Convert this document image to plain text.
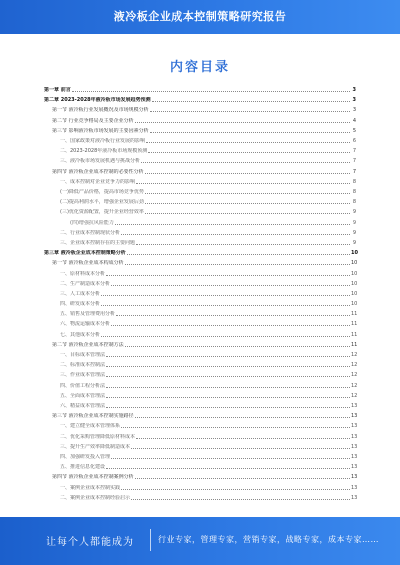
液冷板企业成本控制策略研究报告
内容目录
第一章 前言	3
第二章 2023-2028年液冷板市场发展趋势预测	3
第一节 液冷板行业发展概况及市场规模分析	3
第二节 行业竞争格局及主要企业分析	4
第三节 影响液冷板市场发展的主要因素分析	5
一、国家政策对液冷板行业发展的影响	6
二、2023-2028年液冷板市场规模预测	7
三、液冷板市场发展机遇与挑战分析	7
第四节 液冷板企业成本控制的必要性分析	7
一、成本控制对企业竞争力的影响	8
(一)降低产品价格，提高市场竞争优势	8
(二)提高利润水平，增强企业发展后劲	8
(三)优化资源配置，提升企业经营效率	9
(四)增强抗风险能力	9
二、行业成本控制现状分析	9
三、企业成本控制存在的主要问题	9
第三章 液冷板企业成本控制策略分析	10
第一节 液冷板企业成本构成分析	10
一、原材料成本分析	10
二、生产制造成本分析	10
三、人工成本分析	10
四、研发成本分析	10
五、销售及管理费用分析	11
六、物流运输成本分析	11
七、其他成本分析	11
第二节 液冷板企业成本控制方法	11
一、目标成本管理法	12
二、标准成本控制法	12
三、作业成本管理法	12
四、价值工程分析法	12
五、全面成本管理法	12
六、精益成本管理法	13
第三节 液冷板企业成本控制实施路径	13
一、建立健全成本管理体系	13
二、优化采购管理降低原材料成本	13
三、提升生产效率降低制造成本	13
四、加强研发投入管理	13
五、推进信息化建设	13
第四节 液冷板企业成本控制案例分析	13
一、案例企业成本控制实践	13
二、案例企业成本控制经验启示	13
让每个人都能成为	行业专家，管理专家，营销专家，战略专家，成本专家……
